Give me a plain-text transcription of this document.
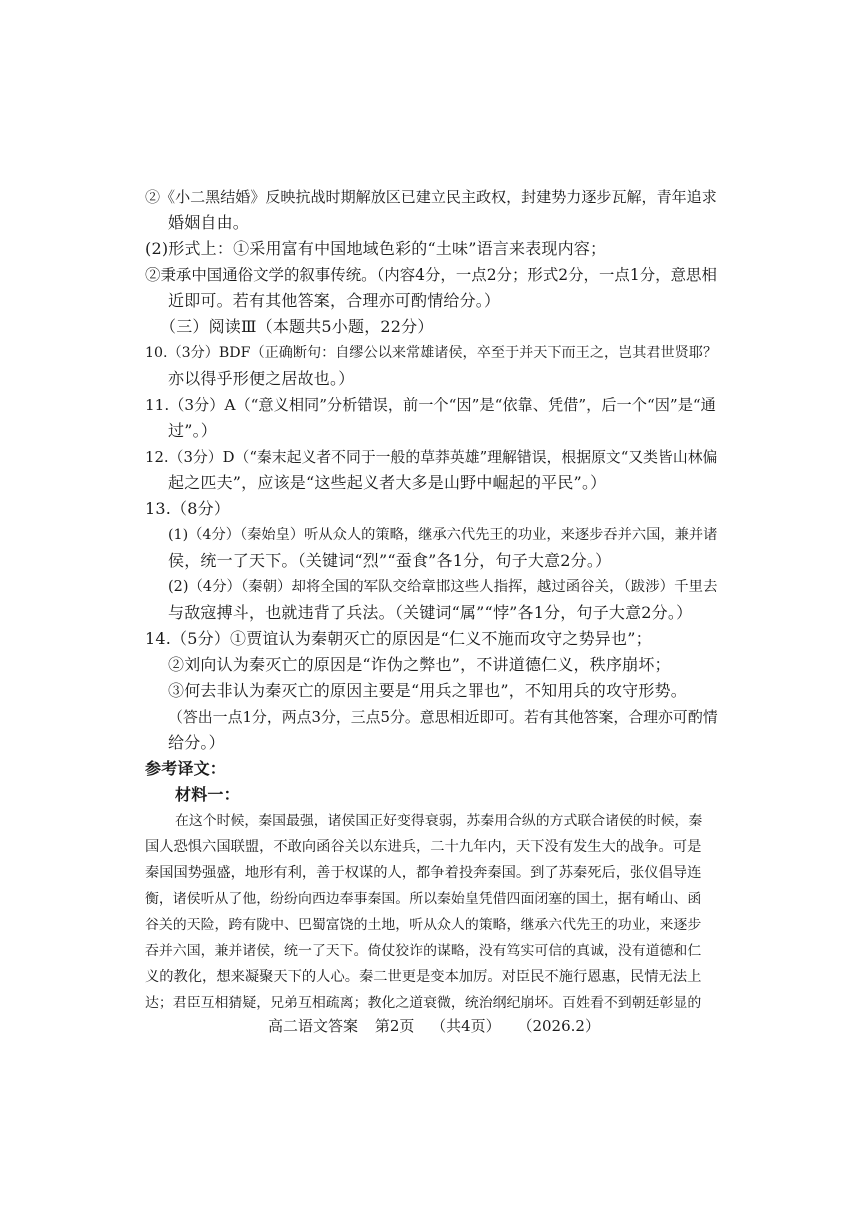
②《小二黑结婚》反映抗战时期解放区已建立民主政权，封建势力逐步瓦解，青年追求
婚姻自由。
(2)形式上：①采用富有中国地域色彩的“土味”语言来表现内容；
②秉承中国通俗文学的叙事传统。（内容4分，一点2分；形式2分，一点1分，意思相
近即可。若有其他答案，合理亦可酌情给分。）
（三）阅读Ⅲ（本题共5小题，22分）
10.（3分）BDF（正确断句：自缪公以来常雄诸侯，卒至于并天下而王之，岂其君世贤耶？
亦以得乎形便之居故也。）
11.（3分）A（“意义相同”分析错误，前一个“因”是“依靠、凭借”，后一个“因”是“通
过”。）
12.（3分）D（“秦末起义者不同于一般的草莽英雄”理解错误，根据原文“又类皆山林偏
起之匹夫”，应该是“这些起义者大多是山野中崛起的平民”。）
13.（8分）
(1)（4分）（秦始皇）听从众人的策略，继承六代先王的功业，来逐步吞并六国，兼并诸
侯，统一了天下。（关键词“烈”“蚕食”各1分，句子大意2分。）
(2)（4分）（秦朝）却将全国的军队交给章邯这些人指挥，越过函谷关，（跋涉）千里去
与敌寇搏斗，也就违背了兵法。（关键词“属”“悖”各1分，句子大意2分。）
14.（5分）①贾谊认为秦朝灭亡的原因是“仁义不施而攻守之势异也”；
②刘向认为秦灭亡的原因是“诈伪之弊也”，不讲道德仁义，秩序崩坏；
③何去非认为秦灭亡的原因主要是“用兵之罪也”，不知用兵的攻守形势。
（答出一点1分，两点3分，三点5分。意思相近即可。若有其他答案，合理亦可酌情
给分。）
参考译文：
材料一：
在这个时候，秦国最强，诸侯国正好变得衰弱，苏秦用合纵的方式联合诸侯的时候，秦
国人恐惧六国联盟，不敢向函谷关以东进兵，二十九年内，天下没有发生大的战争。可是
秦国国势强盛，地形有利，善于权谋的人，都争着投奔秦国。到了苏秦死后，张仪倡导连
衡，诸侯听从了他，纷纷向西边奉事秦国。所以秦始皇凭借四面闭塞的国土，据有崤山、函
谷关的天险，跨有陇中、巴蜀富饶的土地，听从众人的策略，继承六代先王的功业，来逐步
吞并六国，兼并诸侯，统一了天下。倚仗狡诈的谋略，没有笃实可信的真诚，没有道德和仁
义的教化，想来凝聚天下的人心。秦二世更是变本加厉。对臣民不施行恩惠，民情无法上
达；君臣互相猜疑，兄弟互相疏离；教化之道衰微，统治纲纪崩坏。百姓看不到朝廷彰显的
高二语文答案 第2页 （共4页） （2026.2）
